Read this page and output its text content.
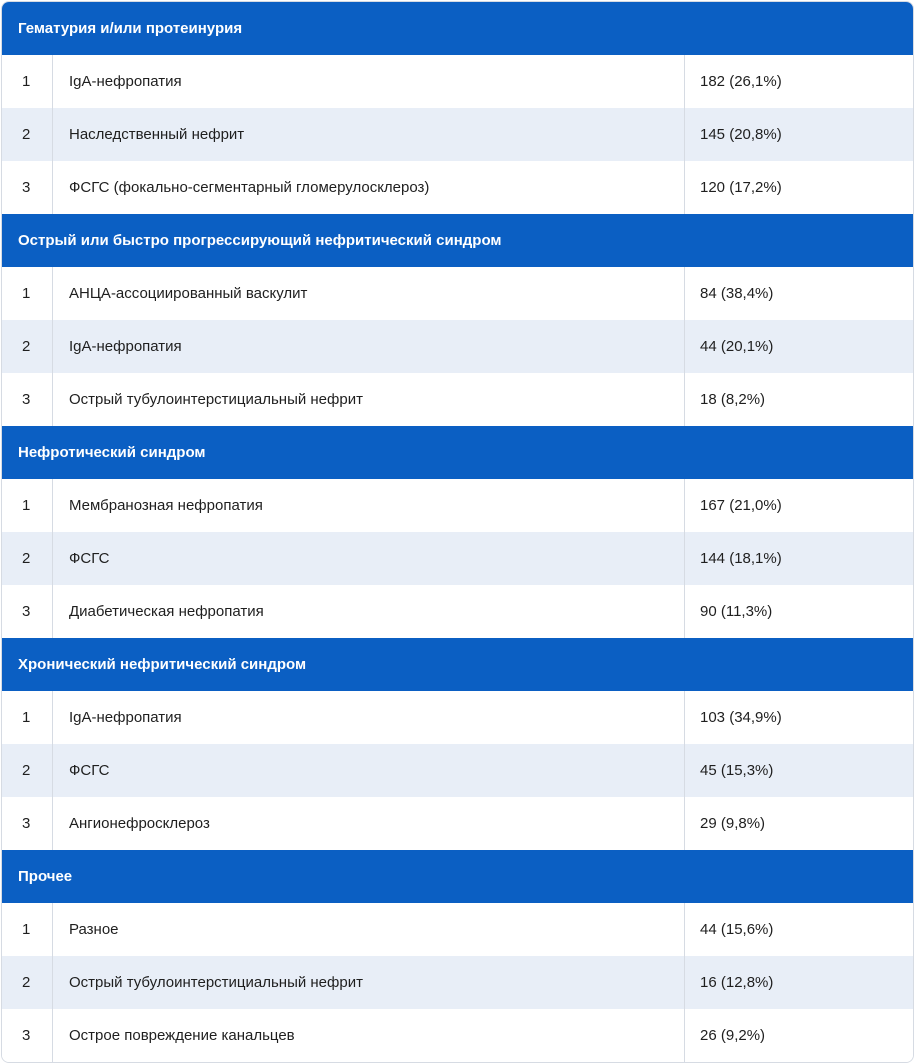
Гематурия и/или протеинурия
1	IgA-нефропатия	182 (26,1%)
2	Наследственный нефрит	145 (20,8%)
3	ФСГС (фокально-сегментарный гломерулосклероз)	120 (17,2%)
Острый или быстро прогрессирующий нефритический синдром
1	АНЦА-ассоциированный васкулит	84 (38,4%)
2	IgA-нефропатия	44 (20,1%)
3	Острый тубулоинтерстициальный нефрит	18 (8,2%)
Нефротический синдром
1	Мембранозная нефропатия	167 (21,0%)
2	ФСГС	144 (18,1%)
3	Диабетическая нефропатия	90 (11,3%)
Хронический нефритический синдром
1	IgA-нефропатия	103 (34,9%)
2	ФСГС	45 (15,3%)
3	Ангионефросклероз	29 (9,8%)
Прочее
1	Разное	44 (15,6%)
2	Острый тубулоинтерстициальный нефрит	16 (12,8%)
3	Острое повреждение канальцев	26 (9,2%)
